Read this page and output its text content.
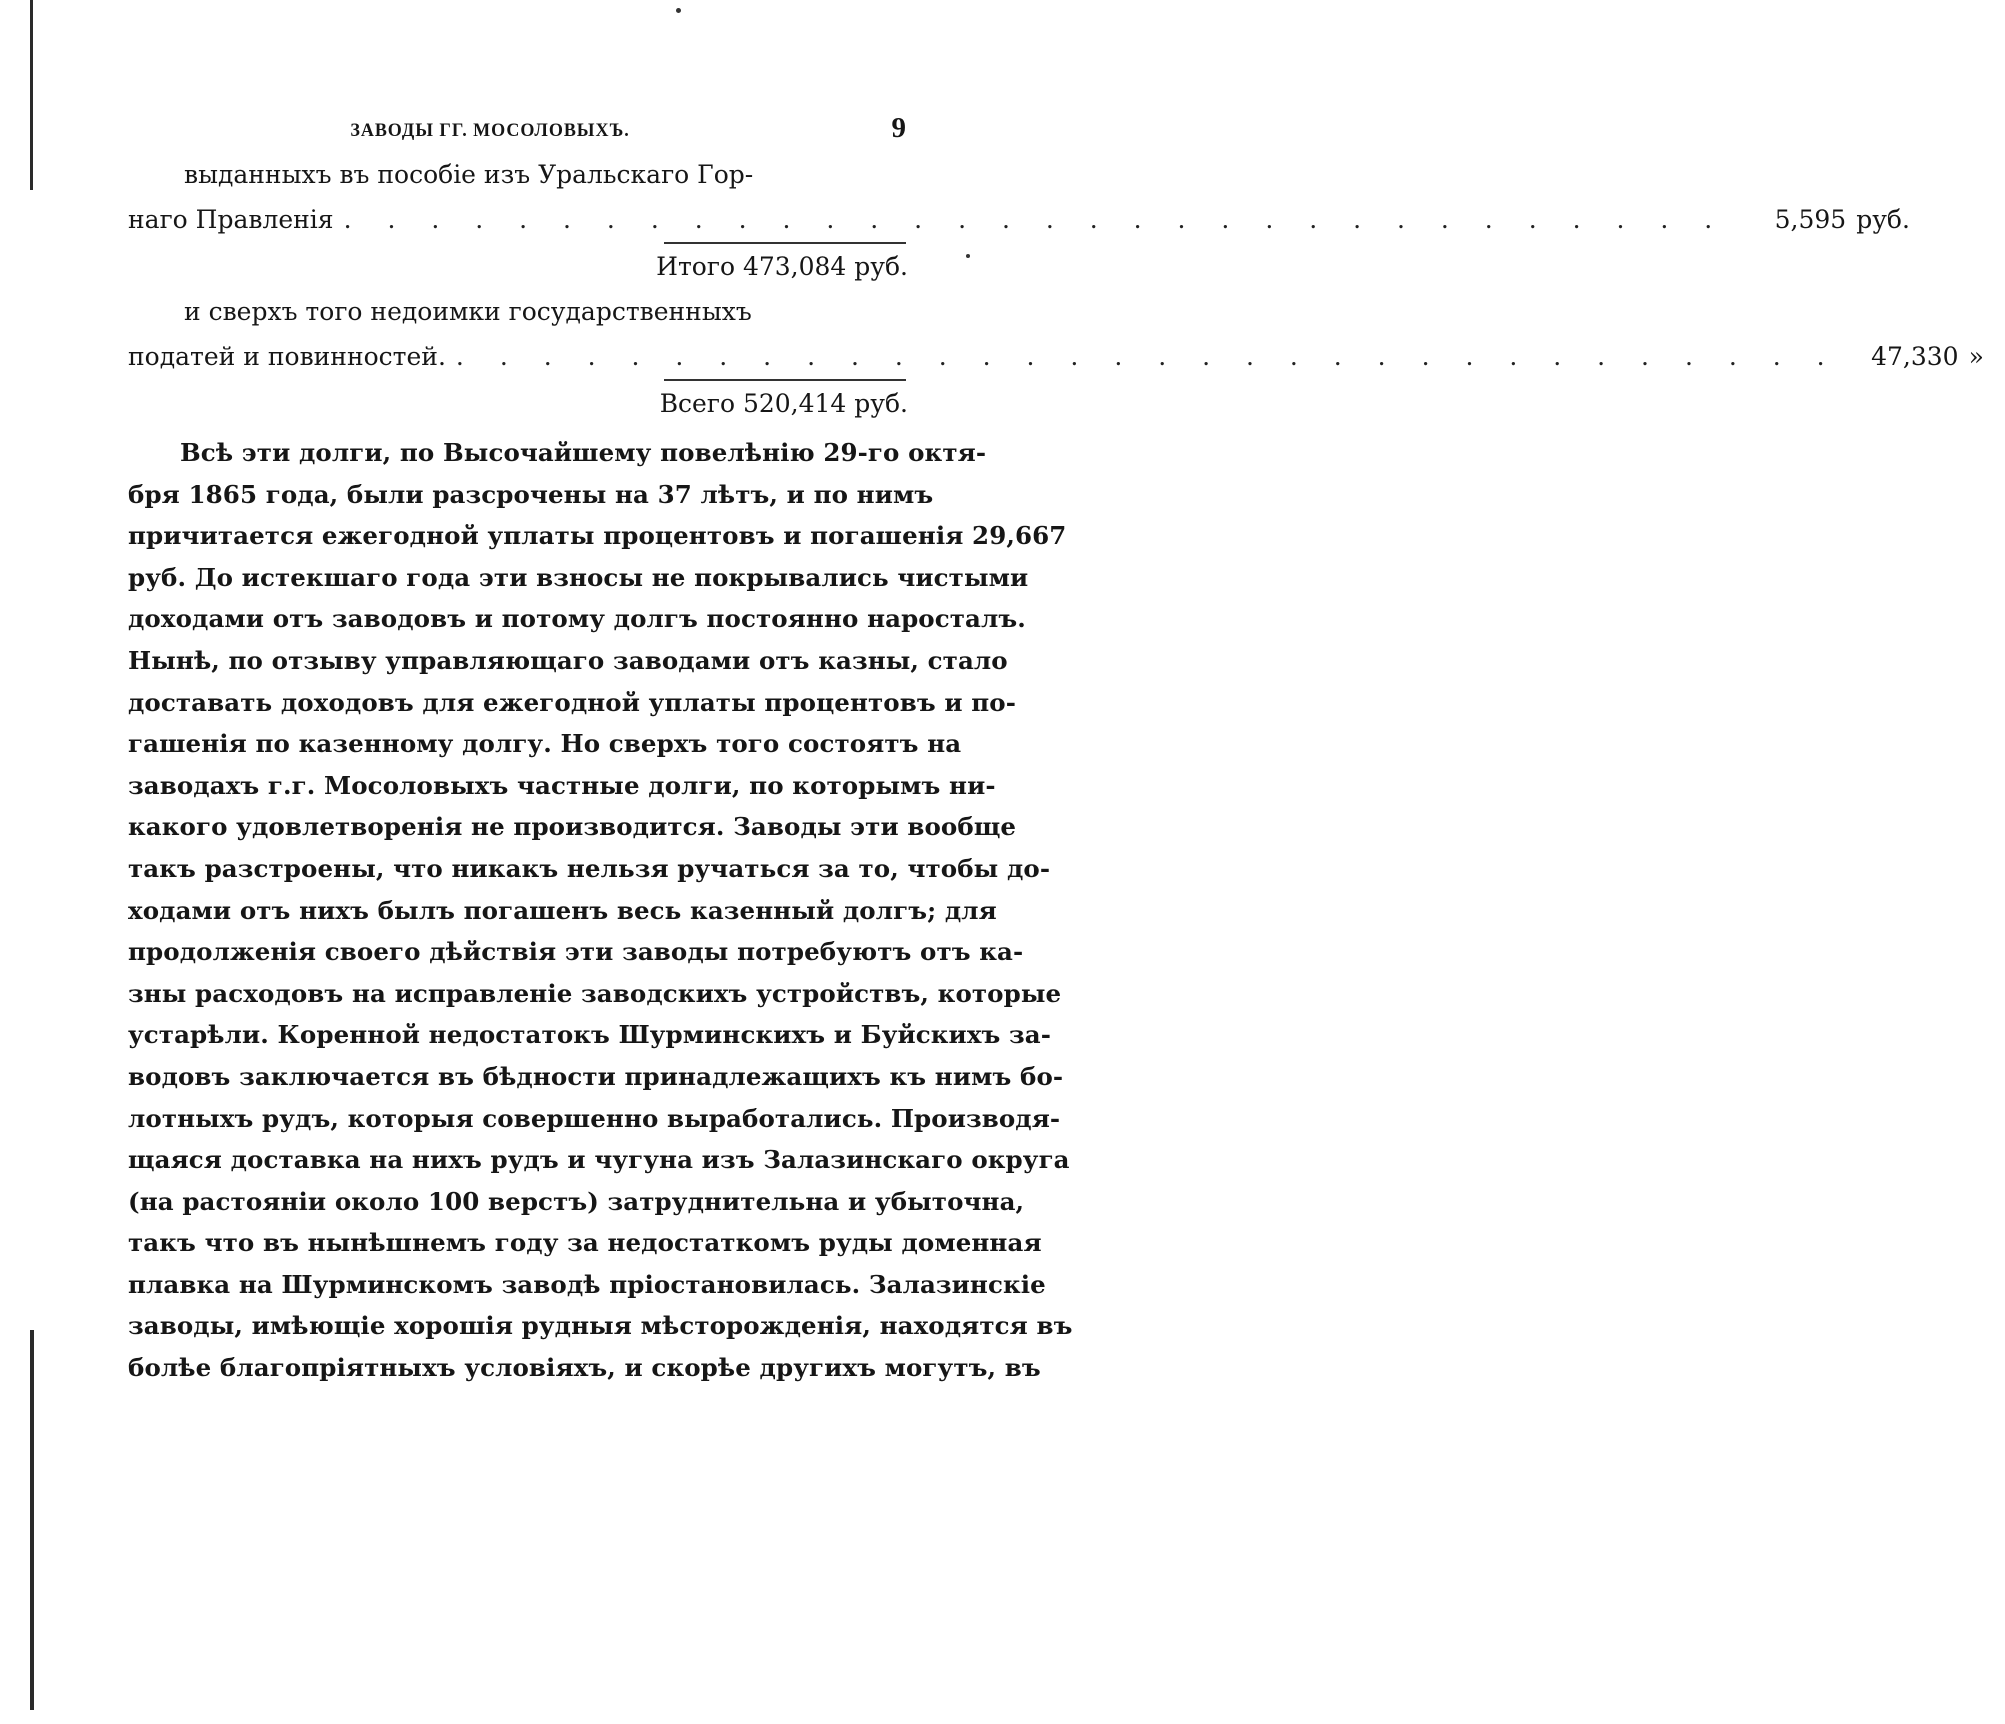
ЗАВОДЫ ГГ. МОСОЛОВЫХЪ.	9
выданныхъ въ пособіе изъ Уральскаго Гор-
наго Правленія . . . . . . . . . . . . . . . . . . . . . . . . . . . . . . . .	5,595 руб.
Итого 473,084 руб.
и сверхъ того недоимки государственныхъ
податей и повинностей. . . . . . . . . . . . . . . . . . . . . . . . . . . . . . . . .	47,330 »
Всего 520,414 руб.
Всѣ эти долги, по Высочайшему повелѣнію 29-го октя-
бря 1865 года, были разсрочены на 37 лѣтъ, и по нимъ
причитается ежегодной уплаты процентовъ и погашенія 29,667
руб. До истекшаго года эти взносы не покрывались чистыми
доходами отъ заводовъ и потому долгъ постоянно наросталъ.
Нынѣ, по отзыву управляющаго заводами отъ казны, стало
доставать доходовъ для ежегодной уплаты процентовъ и по-
гашенія по казенному долгу. Но сверхъ того состоятъ на
заводахъ г.г. Мосоловыхъ частные долги, по которымъ ни-
какого удовлетворенія не производится. Заводы эти вообще
такъ разстроены, что никакъ нельзя ручаться за то, чтобы до-
ходами отъ нихъ былъ погашенъ весь казенный долгъ; для
продолженія своего дѣйствія эти заводы потребуютъ отъ ка-
зны расходовъ на исправленіе заводскихъ устройствъ, которые
устарѣли. Коренной недостатокъ Шурминскихъ и Буйскихъ за-
водовъ заключается въ бѣдности принадлежащихъ къ нимъ бо-
лотныхъ рудъ, которыя совершенно выработались. Производя-
щаяся доставка на нихъ рудъ и чугуна изъ Залазинскаго округа
(на растояніи около 100 верстъ) затруднительна и убыточна,
такъ что въ нынѣшнемъ году за недостаткомъ руды доменная
плавка на Шурминскомъ заводѣ пріостановилась. Залазинскіе
заводы, имѣющіе хорошія рудныя мѣсторожденія, находятся въ
болѣе благопріятныхъ условіяхъ, и скорѣе другихъ могутъ, въ
